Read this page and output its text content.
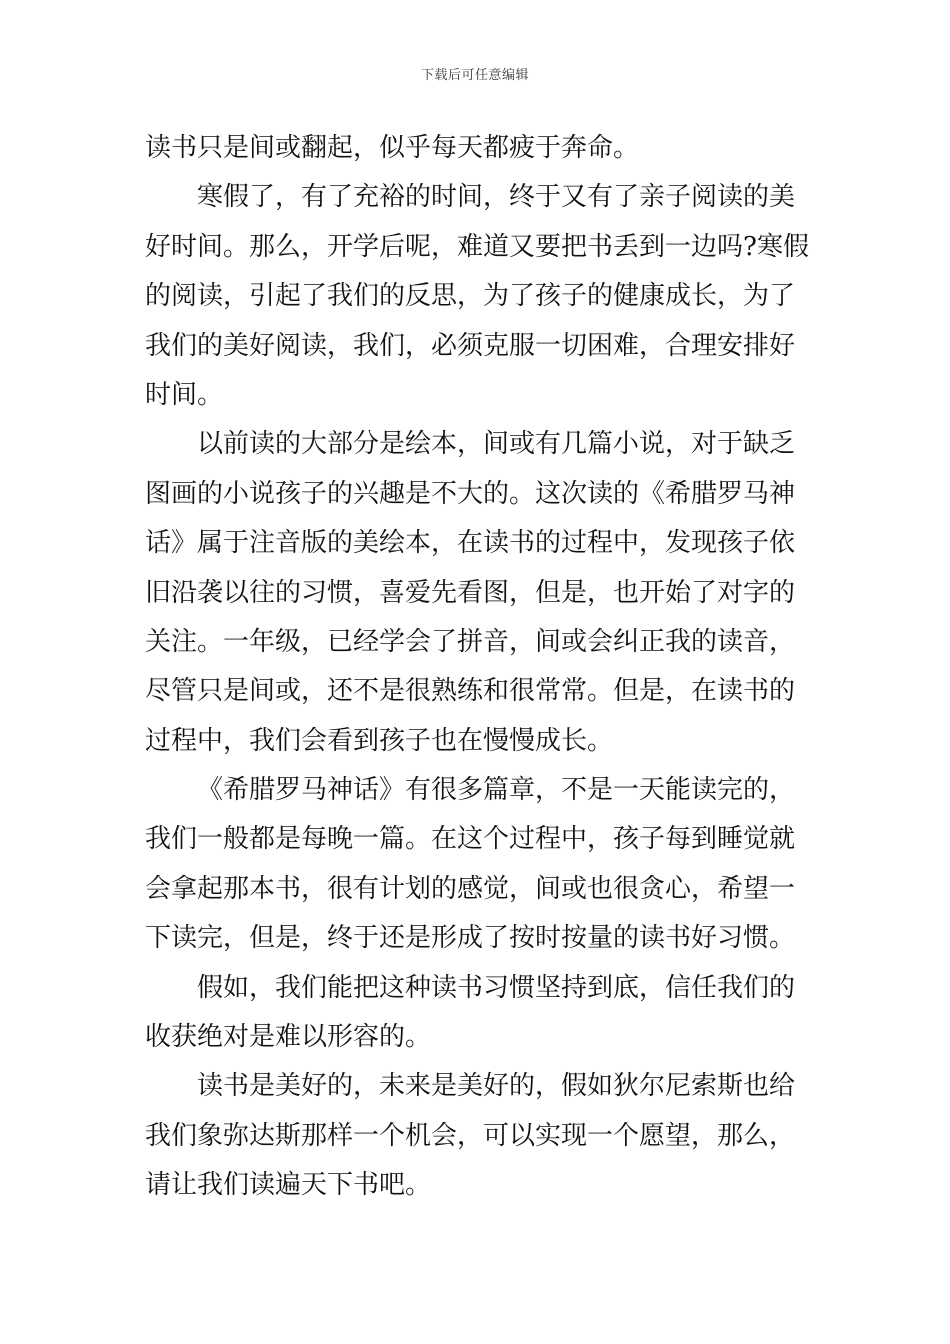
下载后可任意编辑
读书只是间或翻起，似乎每天都疲于奔命。
寒假了，有了充裕的时间，终于又有了亲子阅读的美
好时间。那么，开学后呢，难道又要把书丢到一边吗?寒假
的阅读，引起了我们的反思，为了孩子的健康成长，为了
我们的美好阅读，我们，必须克服一切困难，合理安排好
时间。
以前读的大部分是绘本，间或有几篇小说，对于缺乏
图画的小说孩子的兴趣是不大的。这次读的《希腊罗马神
话》属于注音版的美绘本，在读书的过程中，发现孩子依
旧沿袭以往的习惯，喜爱先看图，但是，也开始了对字的
关注。一年级，已经学会了拼音，间或会纠正我的读音，
尽管只是间或，还不是很熟练和很常常。但是，在读书的
过程中，我们会看到孩子也在慢慢成长。
《希腊罗马神话》有很多篇章，不是一天能读完的，
我们一般都是每晚一篇。在这个过程中，孩子每到睡觉就
会拿起那本书，很有计划的感觉，间或也很贪心，希望一
下读完，但是，终于还是形成了按时按量的读书好习惯。
假如，我们能把这种读书习惯坚持到底，信任我们的
收获绝对是难以形容的。
读书是美好的，未来是美好的，假如狄尔尼索斯也给
我们象弥达斯那样一个机会，可以实现一个愿望，那么，
请让我们读遍天下书吧。
